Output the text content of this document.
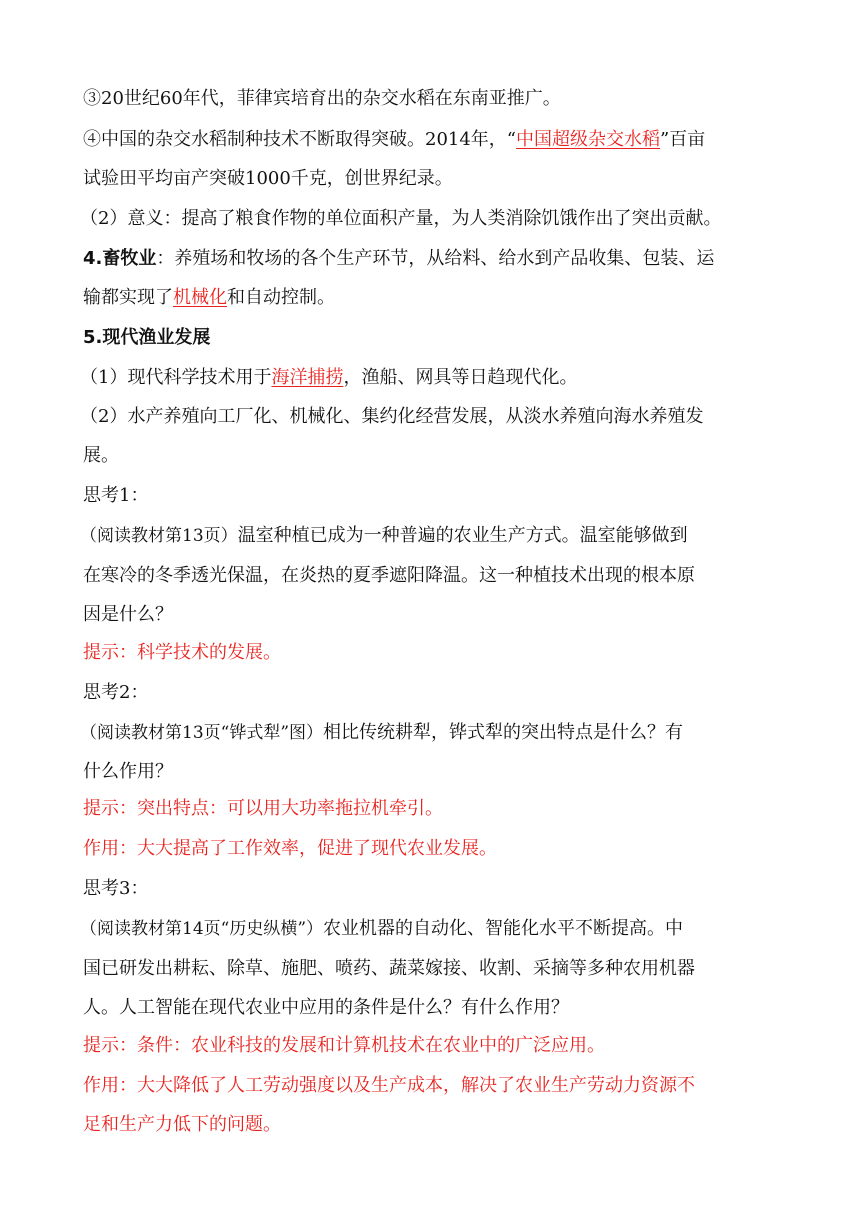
③20世纪60年代，菲律宾培育出的杂交水稻在东南亚推广。
④中国的杂交水稻制种技术不断取得突破。2014年，“中国超级杂交水稻”百亩
试验田平均亩产突破1000千克，创世界纪录。
（2）意义：提高了粮食作物的单位面积产量，为人类消除饥饿作出了突出贡献。
4.畜牧业：养殖场和牧场的各个生产环节，从给料、给水到产品收集、包装、运
输都实现了机械化和自动控制。
5.现代渔业发展
（1）现代科学技术用于海洋捕捞，渔船、网具等日趋现代化。
（2）水产养殖向工厂化、机械化、集约化经营发展，从淡水养殖向海水养殖发
展。
思考1：
（阅读教材第13页）温室种植已成为一种普遍的农业生产方式。温室能够做到
在寒冷的冬季透光保温，在炎热的夏季遮阳降温。这一种植技术出现的根本原
因是什么？
提示：科学技术的发展。
思考2：
（阅读教材第13页“铧式犁”图）相比传统耕犁，铧式犁的突出特点是什么？有
什么作用？
提示：突出特点：可以用大功率拖拉机牵引。
作用：大大提高了工作效率，促进了现代农业发展。
思考3：
（阅读教材第14页“历史纵横”）农业机器的自动化、智能化水平不断提高。中
国已研发出耕耘、除草、施肥、喷药、蔬菜嫁接、收割、采摘等多种农用机器
人。人工智能在现代农业中应用的条件是什么？有什么作用？
提示：条件：农业科技的发展和计算机技术在农业中的广泛应用。
作用：大大降低了人工劳动强度以及生产成本，解决了农业生产劳动力资源不
足和生产力低下的问题。
